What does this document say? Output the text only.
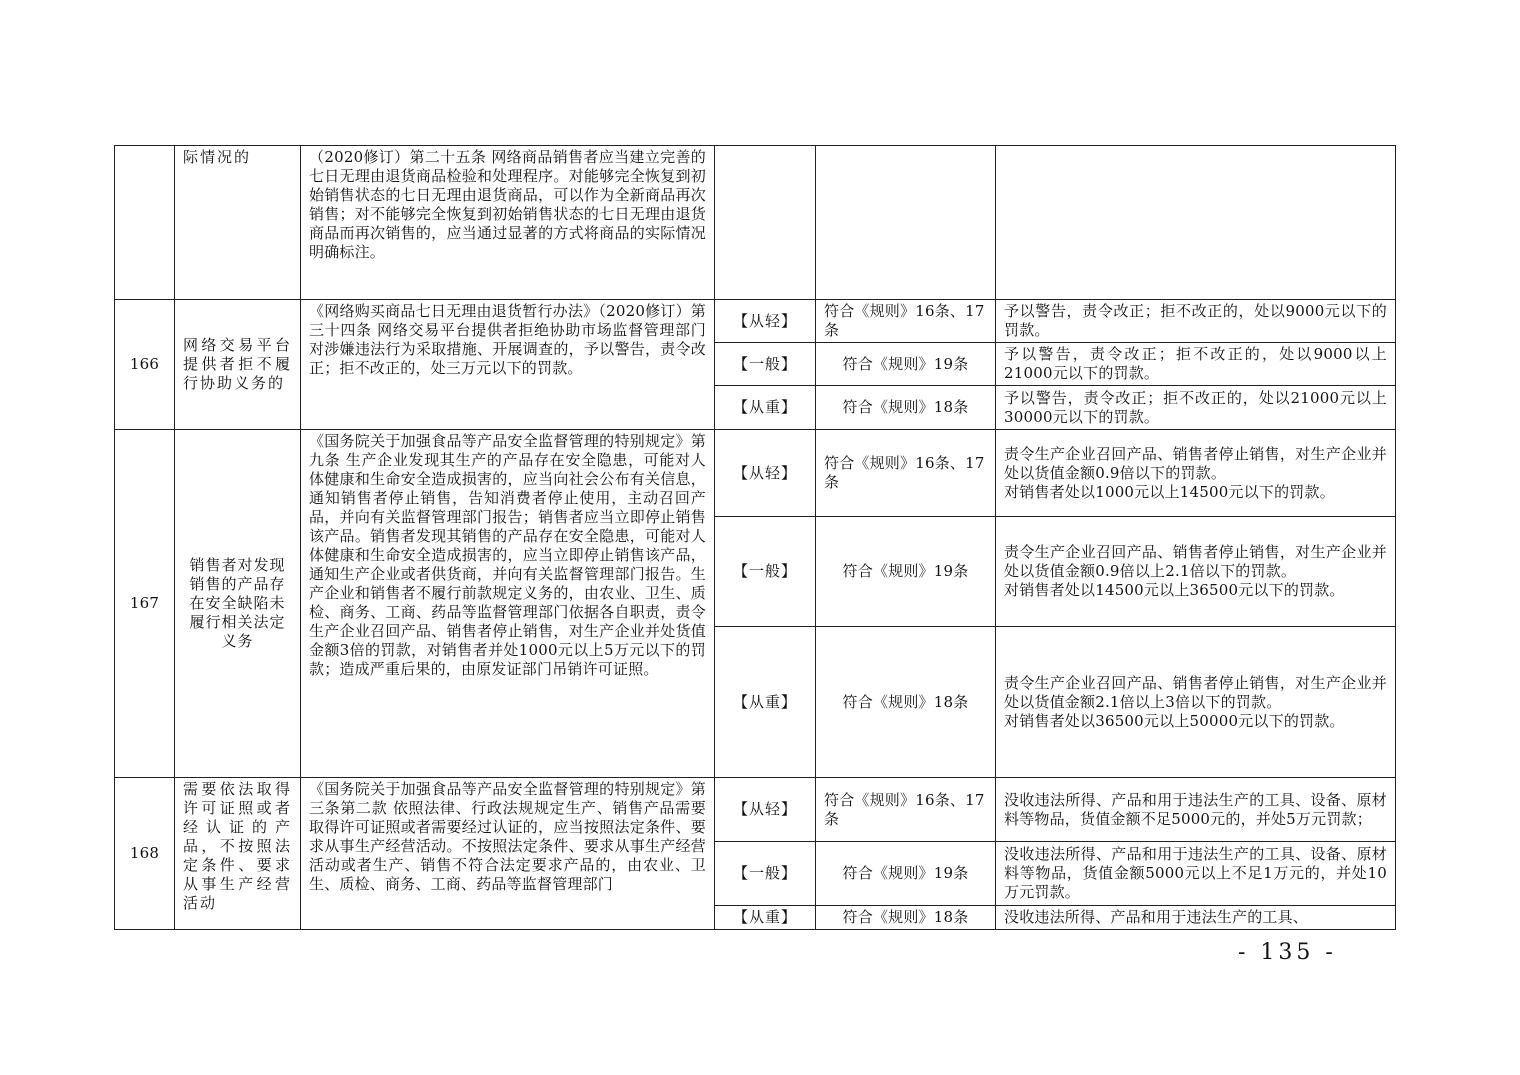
	际情况的	（2020修订）第二十五条 网络商品销售者应当建立完善的七日无理由退货商品检验和处理程序。对能够完全恢复到初始销售状态的七日无理由退货商品，可以作为全新商品再次销售；对不能够完全恢复到初始销售状态的七日无理由退货商品而再次销售的，应当通过显著的方式将商品的实际情况明确标注。			
166	网络交易平台提供者拒不履行协助义务的	《网络购买商品七日无理由退货暂行办法》（2020修订）第三十四条 网络交易平台提供者拒绝协助市场监督管理部门对涉嫌违法行为采取措施、开展调查的，予以警告，责令改正；拒不改正的，处三万元以下的罚款。	【从轻】	符合《规则》16条、17条	予以警告，责令改正；拒不改正的，处以9000元以下的罚款。
			【一般】	符合《规则》19条	予以警告，责令改正；拒不改正的，处以9000以上21000元以下的罚款。
			【从重】	符合《规则》18条	予以警告，责令改正；拒不改正的，处以21000元以上30000元以下的罚款。
167	销售者对发现销售的产品存在安全缺陷未履行相关法定义务	《国务院关于加强食品等产品安全监督管理的特别规定》第九条 生产企业发现其生产的产品存在安全隐患，可能对人体健康和生命安全造成损害的，应当向社会公布有关信息，通知销售者停止销售，告知消费者停止使用，主动召回产品，并向有关监督管理部门报告；销售者应当立即停止销售该产品。销售者发现其销售的产品存在安全隐患，可能对人体健康和生命安全造成损害的，应当立即停止销售该产品，通知生产企业或者供货商，并向有关监督管理部门报告。生产企业和销售者不履行前款规定义务的，由农业、卫生、质检、商务、工商、药品等监督管理部门依据各自职责，责令生产企业召回产品、销售者停止销售，对生产企业并处货值金额3倍的罚款，对销售者并处1000元以上5万元以下的罚款；造成严重后果的，由原发证部门吊销许可证照。	【从轻】	符合《规则》16条、17条	责令生产企业召回产品、销售者停止销售，对生产企业并处以货值金额0.9倍以下的罚款。
对销售者处以1000元以上14500元以下的罚款。

			【一般】	符合《规则》19条	责令生产企业召回产品、销售者停止销售，对生产企业并处以货值金额0.9倍以上2.1倍以下的罚款。
对销售者处以14500元以上36500元以下的罚款。

			【从重】	符合《规则》18条	责令生产企业召回产品、销售者停止销售，对生产企业并处以货值金额2.1倍以上3倍以下的罚款。
对销售者处以36500元以上50000元以下的罚款。

168	需要依法取得许可证照或者经认证的产品，不按照法定条件、要求从事生产经营活动	《国务院关于加强食品等产品安全监督管理的特别规定》第三条第二款 依照法律、行政法规规定生产、销售产品需要取得许可证照或者需要经过认证的，应当按照法定条件、要求从事生产经营活动。不按照法定条件、要求从事生产经营活动或者生产、销售不符合法定要求产品的，由农业、卫生、质检、商务、工商、药品等监督管理部门	【从轻】	符合《规则》16条、17条	没收违法所得、产品和用于违法生产的工具、设备、原材料等物品，货值金额不足5000元的，并处5万元罚款；
			【一般】	符合《规则》19条	没收违法所得、产品和用于违法生产的工具、设备、原材料等物品，货值金额5000元以上不足1万元的，并处10万元罚款。
			【从重】	符合《规则》18条	没收违法所得、产品和用于违法生产的工具、
- 135 -
